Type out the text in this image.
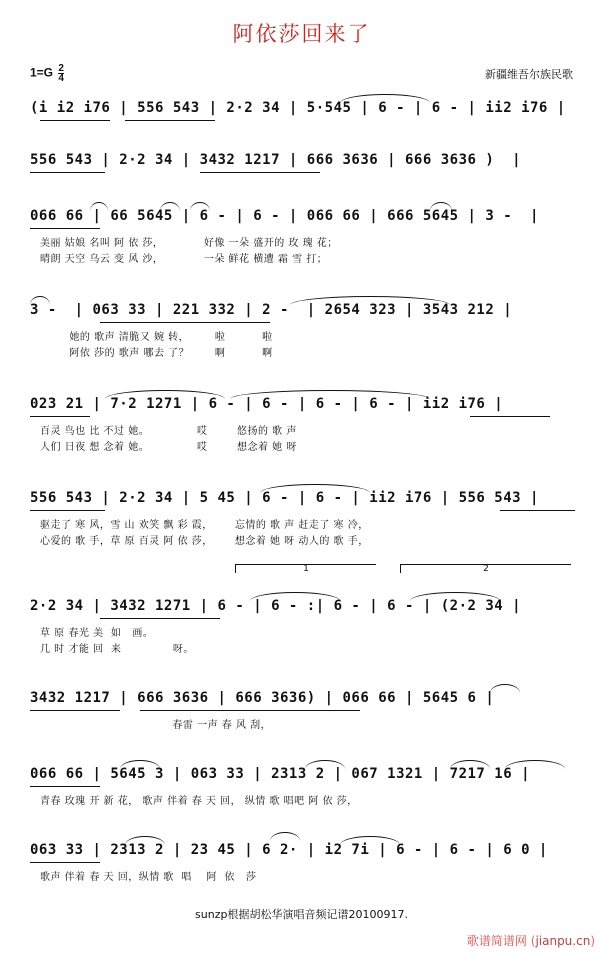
阿依莎回来了
$1=G \frac{2}{4}$	新疆维吾尔族民歌
(i i2 i76 | 556 543 | 2·2 34 | 5·545 | 6 - | 6 - | ii2 i76 |
556 543 | 2·2 34 | 3432 1217 | 666 3636 | 666 3636 )  |
066 66 | 66 5645 | 6 - | 6 - | 066 66 | 666 5645 | 3 -  |
美丽 姑娘 名叫 阿 依 莎，           好像 一朵 盛开的 玫 瑰 花；
晴朗 天空 乌云 变 风 沙，           一朵 鲜花 横遭 霜 雪 打；
3 -  | 063 33 | 221 332 | 2 -  | 2654 323 | 3543 212 |
她的 歌声 清脆又 婉 转，       啦          啦
阿依 莎的 歌声 哪去 了？       啊          啊
023 21 | 7·2 1271 | 6 - | 6 - | 6 - | 6 - | ii2 i76 |
百灵 鸟也 比 不过 她。             哎        悠扬的 歌 声
人们 日夜 想 念着 她。             哎        想念着 她 呀
556 543 | 2·2 34 | 5 45 | 6 - | 6 - | ii2 i76 | 556 543 |
驱走了 寒 风，雪 山 欢笑 飘 彩 霞，      忘情的 歌 声 赶走了 寒 冷，
心爱的 歌 手，草 原 百灵 阿 依 莎，      想念着 她 呀 动人的 歌 手，
1	2
2·2 34 | 3432 1271 | 6 - | 6 - :| 6 - | 6 - | (2·2 34 |
草 原 春光 美  如   画。
几 时 才能 回  来              呀。
3432 1217 | 666 3636 | 666 3636) | 066 66 | 5645 6 |
春雷 一声 春 风 刮，
066 66 | 5645 3 | 063 33 | 2313 2 | 067 1321 | 7217 16 |
青春 玫瑰 开 新 花， 歌声 伴着 春 天 回， 纵情 歌 唱吧 阿 依 莎，
063 33 | 2313 2 | 23 45 | 6 2· | i2 7i | 6 - | 6 - | 6 0 |
歌声 伴着 春 天 回，纵情 歌  唱    阿  依   莎
sunzp根据胡松华演唱音频记谱20100917.
歌谱简谱网 (jianpu.cn)
